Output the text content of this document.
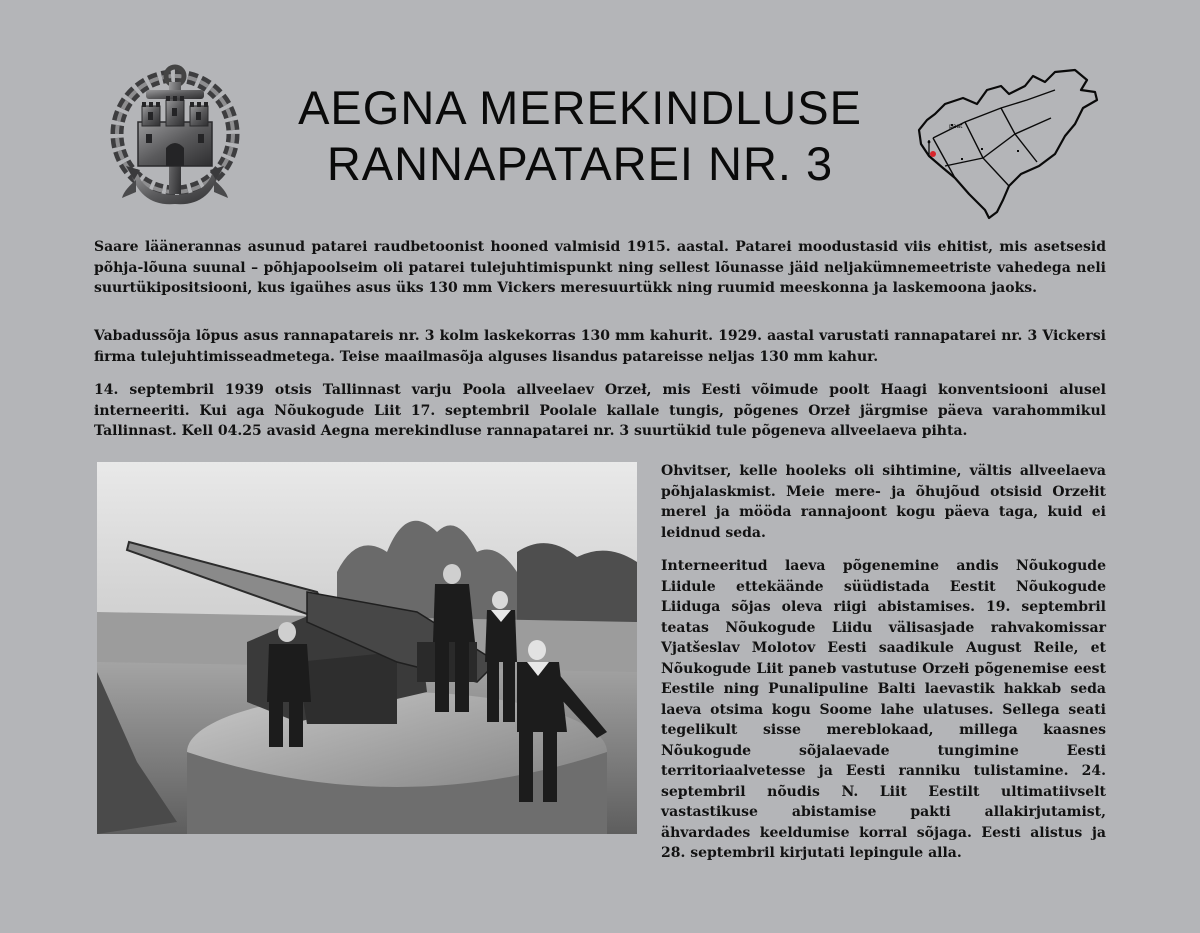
AEGNA MEREKINDLUSE
RANNAPATAREI NR. 3
paat

Saare läänerannas asunud patarei raudbetoonist hooned valmisid 1915. aastal. Patarei moodustasid viis ehitist, mis asetsesid põhja-lõuna suunal – põhjapoolseim oli patarei tulejuhtimispunkt ning sellest lõunasse jäid neljakümnemeetriste vahedega neli suurtükipositsiooni, kus igaühes asus üks 130 mm Vickers meresuurtükk ning ruumid meeskonna ja laskemoona jaoks.

Vabadussõja lõpus asus rannapatareis nr. 3 kolm laskekorras 130 mm kahurit. 1929. aastal varustati rannapatarei nr. 3 Vickersi firma tulejuhtimisseadmetega. Teise maailmasõja alguses lisandus patareisse neljas 130 mm kahur.

14. septembril 1939 otsis Tallinnast varju Poola allveelaev Orzeł, mis Eesti võimude poolt Haagi konventsiooni alusel interneeriti. Kui aga Nõukogude Liit 17. septembril Poolale kallale tungis, põgenes Orzeł järgmise päeva varahommikul Tallinnast. Kell 04.25 avasid Aegna merekindluse rannapatarei nr. 3 suurtükid tule põgeneva allveelaeva pihta.

Ohvitser, kelle hooleks oli sihtimine, vältis allveelaeva põhjalaskmist. Meie mere- ja õhujõud otsisid Orzełit merel ja mööda rannajoont kogu päeva taga, kuid ei leidnud seda.

Interneeritud laeva põgenemine andis Nõukogude Liidule ettekäände süüdistada Eestit Nõukogude Liiduga sõjas oleva riigi abistamises. 19. septembril teatas Nõukogude Liidu välisasjade rahvakomissar Vjatšeslav Molotov Eesti saadikule August Reile, et Nõukogude Liit paneb vastutuse Orzełi põgenemise eest Eestile ning Punalipuline Balti laevastik hakkab seda laeva otsima kogu Soome lahe ulatuses. Sellega seati tegelikult sisse mereblokaad, millega kaasnes Nõukogude sõjalaevade tungimine Eesti territoriaalvetesse ja Eesti ranniku tulistamine. 24. septembril nõudis N. Liit Eestilt ultimatiivselt vastastikuse abistamise pakti allakirjutamist, ähvardades keeldumise korral sõjaga. Eesti alistus ja 28. septembril kirjutati lepingule alla.
